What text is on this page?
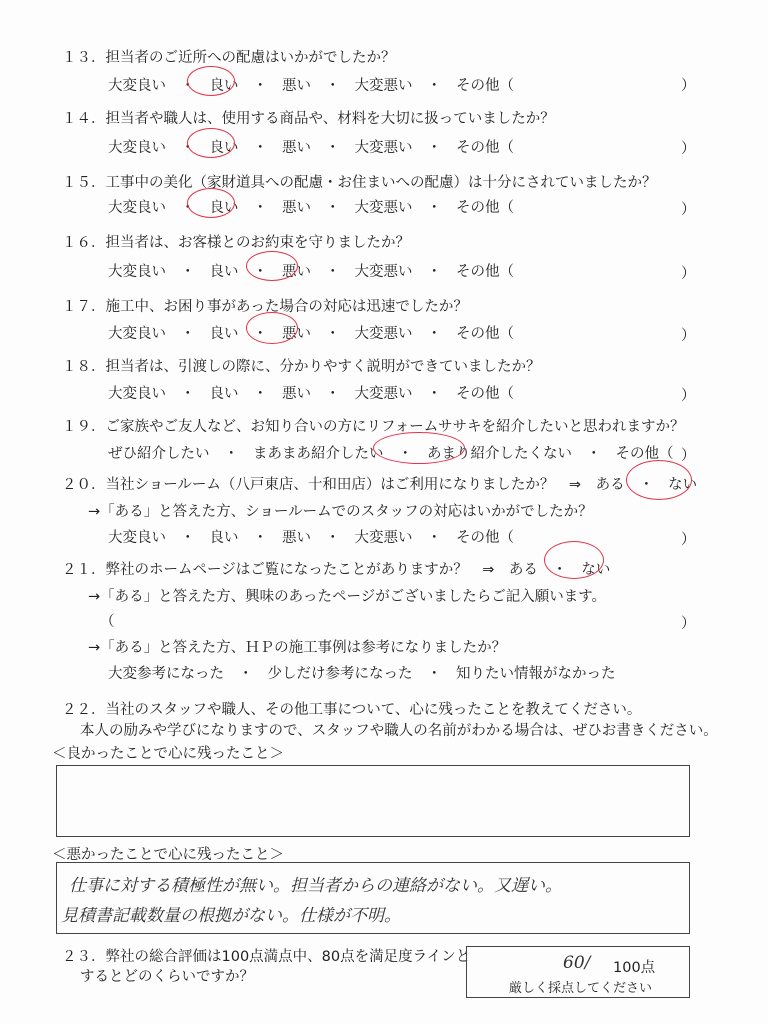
１３．担当者のご近所への配慮はいかがでしたか？
大変良い　・　良い　・　悪い　・　大変悪い　・　その他（	）
１４．担当者や職人は、使用する商品や、材料を大切に扱っていましたか？
大変良い　・　良い　・　悪い　・　大変悪い　・　その他（	）
１５．工事中の美化（家財道具への配慮・お住まいへの配慮）は十分にされていましたか？
大変良い　・　良い　・　悪い　・　大変悪い　・　その他（	）
１６．担当者は、お客様とのお約束を守りましたか？
大変良い　・　良い　・　悪い　・　大変悪い　・　その他（	）
１７．施工中、お困り事があった場合の対応は迅速でしたか？
大変良い　・　良い　・　悪い　・　大変悪い　・　その他（	）
１８．担当者は、引渡しの際に、分かりやすく説明ができていましたか？
大変良い　・　良い　・　悪い　・　大変悪い　・　その他（	）
１９．ご家族やご友人など、お知り合いの方にリフォームササキを紹介したいと思われますか？
ぜひ紹介したい　・　まあまあ紹介したい　・　あまり紹介したくない　・　その他（ ）
２０．当社ショールーム（八戸東店、十和田店）はご利用になりましたか？　⇒　ある　・　ない
→「ある」と答えた方、ショールームでのスタッフの対応はいかがでしたか？
大変良い　・　良い　・　悪い　・　大変悪い　・　その他（	）
２１．弊社のホームページはご覧になったことがありますか？　⇒　ある　・　ない
→「ある」と答えた方、興味のあったページがございましたらご記入願います。
（	）
→「ある」と答えた方、ＨＰの施工事例は参考になりましたか？
大変参考になった　・　少しだけ参考になった　・　知りたい情報がなかった
２２．当社のスタッフや職人、その他工事について、心に残ったことを教えてください。
本人の励みや学びになりますので、スタッフや職人の名前がわかる場合は、ぜひお書きください。
＜良かったことで心に残ったこと＞
＜悪かったことで心に残ったこと＞
仕事に対する積極性が無い。担当者からの連絡がない。又遅い。
見積書記載数量の根拠がない。仕様が不明。
２３．弊社の総合評価は100点満点中、80点を満足度ラインと
するとどのくらいですか？
60/ 100点
厳しく採点してください
